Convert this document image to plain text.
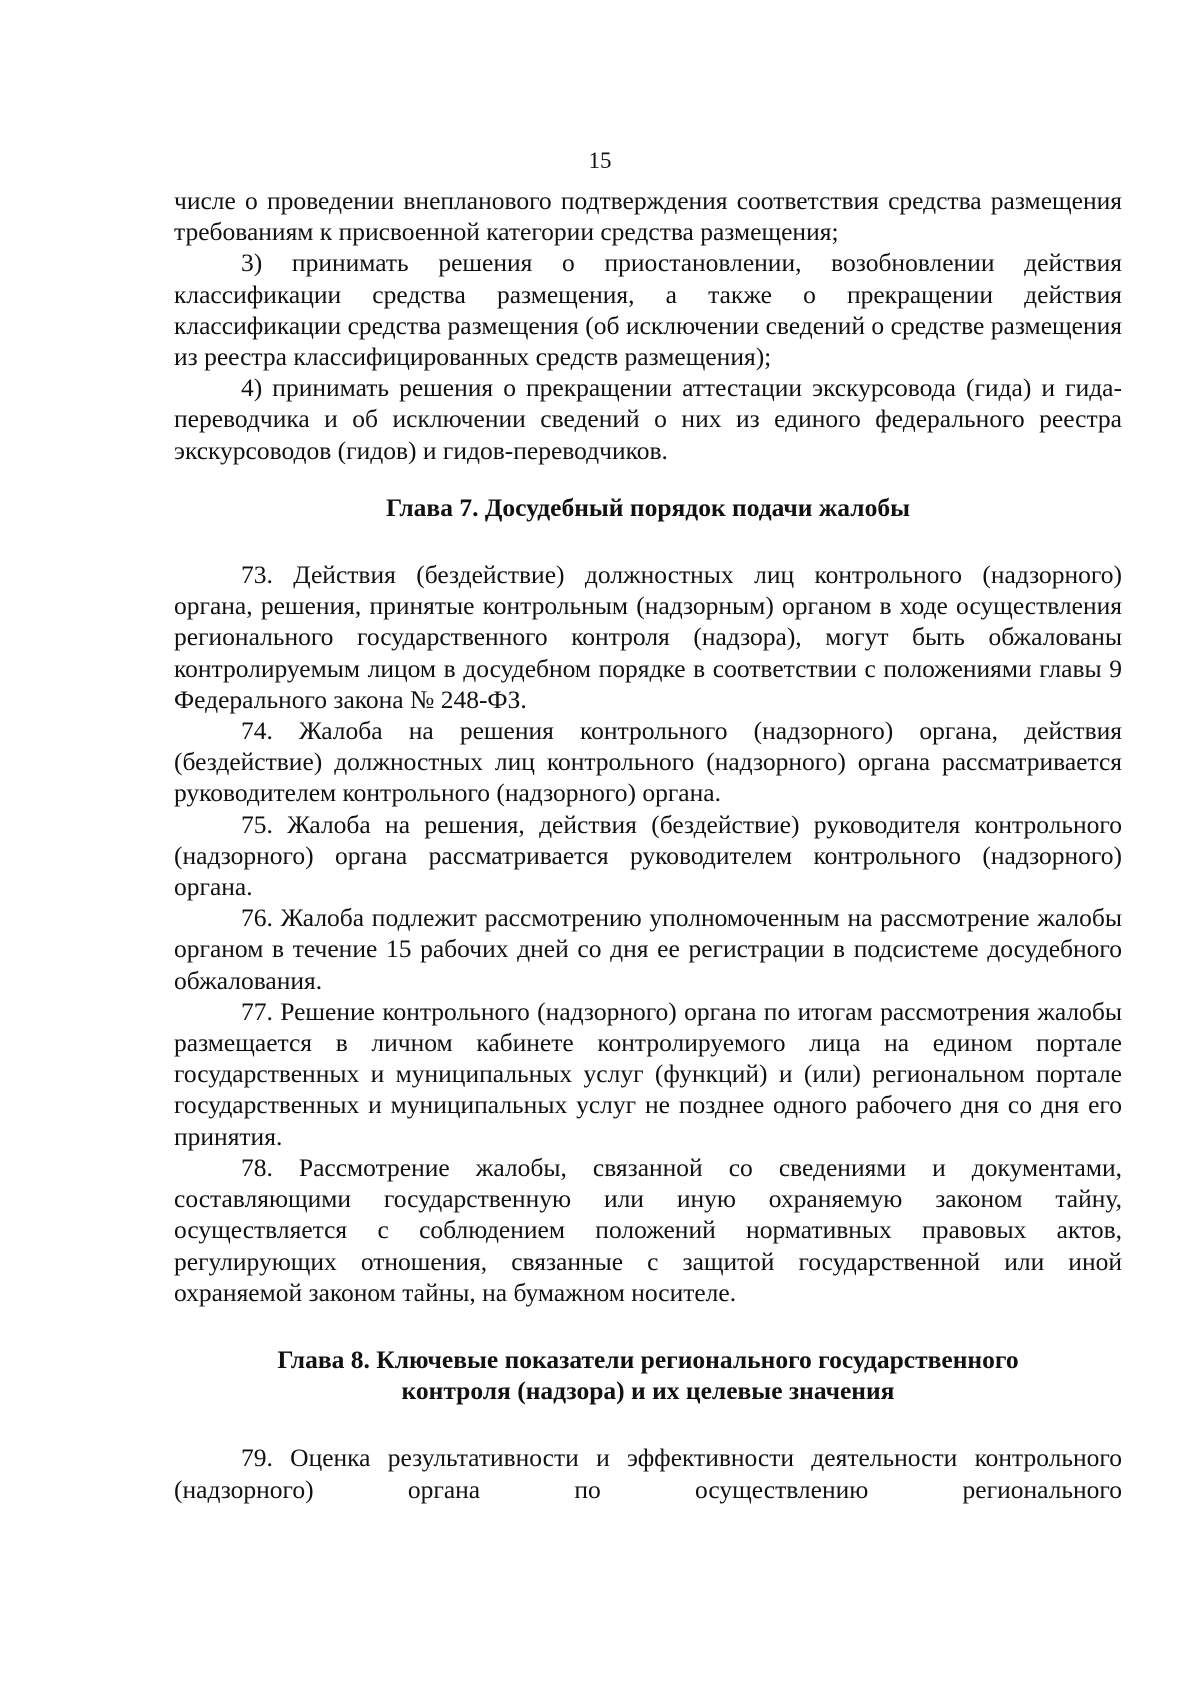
15

числе о проведении внепланового подтверждения соответствия средства размещения требованиям к присвоенной категории средства размещения;

3) принимать решения о приостановлении, возобновлении действия классификации средства размещения, а также о прекращении действия классификации средства размещения (об исключении сведений о средстве размещения из реестра классифицированных средств размещения);

4) принимать решения о прекращении аттестации экскурсовода (гида) и гида-переводчика и об исключении сведений о них из единого федерального реестра экскурсоводов (гидов) и гидов-переводчиков.

Глава 7. Досудебный порядок подачи жалобы

73. Действия (бездействие) должностных лиц контрольного (надзорного) органа, решения, принятые контрольным (надзорным) органом в ходе осуществления регионального государственного контроля (надзора), могут быть обжалованы контролируемым лицом в досудебном порядке в соответствии с положениями главы 9 Федерального закона № 248-ФЗ.

74. Жалоба на решения контрольного (надзорного) органа, действия (бездействие) должностных лиц контрольного (надзорного) органа рассматривается руководителем контрольного (надзорного) органа.

75. Жалоба на решения, действия (бездействие) руководителя контрольного (надзорного) органа рассматривается руководителем контрольного (надзорного) органа.

76. Жалоба подлежит рассмотрению уполномоченным на рассмотрение жалобы органом в течение 15 рабочих дней со дня ее регистрации в подсистеме досудебного обжалования.

77. Решение контрольного (надзорного) органа по итогам рассмотрения жалобы размещается в личном кабинете контролируемого лица на едином портале государственных и муниципальных услуг (функций) и (или) региональном портале государственных и муниципальных услуг не позднее одного рабочего дня со дня его принятия.

78. Рассмотрение жалобы, связанной со сведениями и документами, составляющими государственную или иную охраняемую законом тайну, осуществляется с соблюдением положений нормативных правовых актов, регулирующих отношения, связанные с защитой государственной или иной охраняемой законом тайны, на бумажном носителе.

Глава 8. Ключевые показатели регионального государственного
контроля (надзора) и их целевые значения

79. Оценка результативности и эффективности деятельности контрольного (надзорного) органа по осуществлению регионального
